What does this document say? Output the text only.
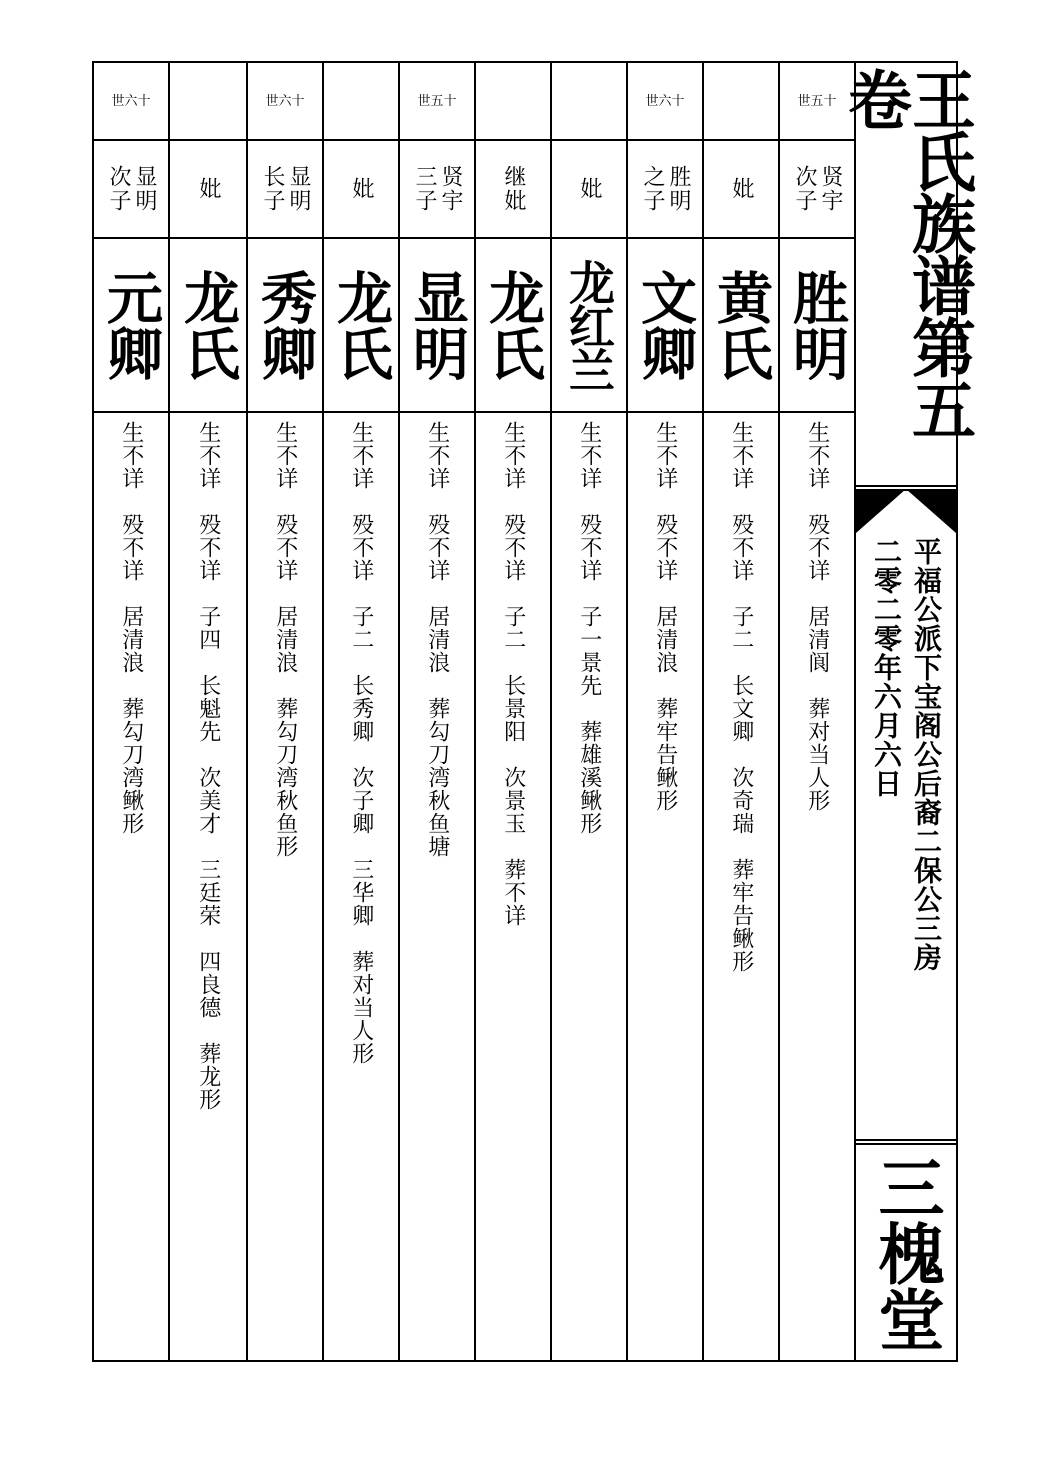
世五十
贤宇
次子
胜明
生不详　殁不详　居清阆　葬对当人形
妣
黄氏
生不详　殁不详　子二　长文卿　次奇瑞　葬牢告鳅形
世六十
胜明
之子
文卿
生不详　殁不详　居清浪　葬牢告鳅形
妣
龙红兰
生不详　殁不详　子一景先　葬雄溪鳅形
继妣
龙氏
生不详　殁不详　子二　长景阳　次景玉　葬不详
世五十
贤宇
三子
显明
生不详　殁不详　居清浪　葬勾刀湾秋鱼塘
妣
龙氏
生不详　殁不详　子二　长秀卿　次子卿　三华卿　葬对当人形
世六十
显明
长子
秀卿
生不详　殁不详　居清浪　葬勾刀湾秋鱼形
妣
龙氏
生不详　殁不详　子四　长魁先　次美才　三廷荣　四良德　葬龙形
世六十
显明
次子
元卿
生不详　殁不详　居清浪　葬勾刀湾鳅形
王氏族谱第五卷
平福公派下宝阁公后裔二保公三房
二零二零年六月六日
三槐堂
